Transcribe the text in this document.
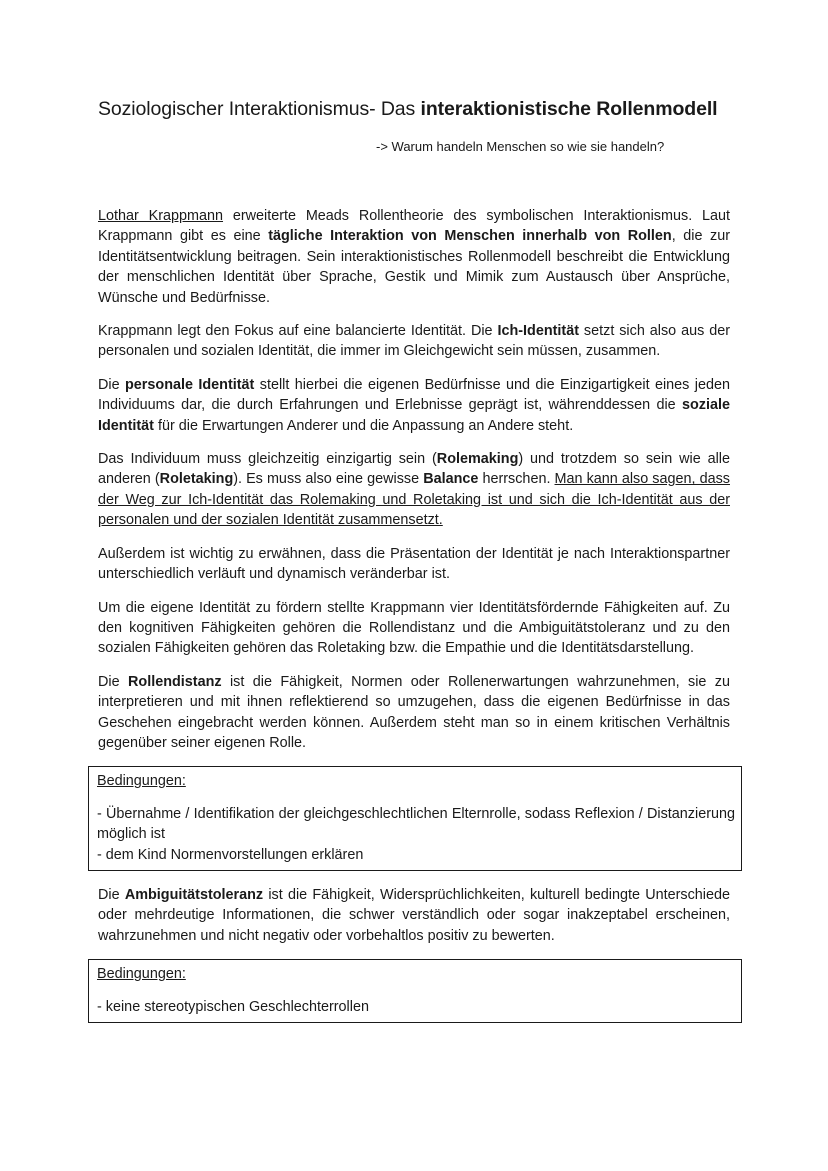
Soziologischer Interaktionismus- Das interaktionistische Rollenmodell
-> Warum handeln Menschen so wie sie handeln?

Lothar Krappmann erweiterte Meads Rollentheorie des symbolischen Interaktionismus. Laut Krappmann gibt es eine tägliche Interaktion von Menschen innerhalb von Rollen, die zur Identitätsentwicklung beitragen. Sein interaktionistisches Rollenmodell beschreibt die Entwicklung der menschlichen Identität über Sprache, Gestik und Mimik zum Austausch über Ansprüche, Wünsche und Bedürfnisse.

Krappmann legt den Fokus auf eine balancierte Identität. Die Ich-Identität setzt sich also aus der personalen und sozialen Identität, die immer im Gleichgewicht sein müssen, zusammen.

Die personale Identität stellt hierbei die eigenen Bedürfnisse und die Einzigartigkeit eines jeden Individuums dar, die durch Erfahrungen und Erlebnisse geprägt ist, währenddessen die soziale Identität für die Erwartungen Anderer und die Anpassung an Andere steht.

Das Individuum muss gleichzeitig einzigartig sein (Rolemaking) und trotzdem so sein wie alle anderen (Roletaking). Es muss also eine gewisse Balance herrschen. Man kann also sagen, dass der Weg zur Ich-Identität das Rolemaking und Roletaking ist und sich die Ich-Identität aus der personalen und der sozialen Identität zusammensetzt.

Außerdem ist wichtig zu erwähnen, dass die Präsentation der Identität je nach Interaktionspartner unterschiedlich verläuft und dynamisch veränderbar ist.

Um die eigene Identität zu fördern stellte Krappmann vier Identitätsfördernde Fähigkeiten auf. Zu den kognitiven Fähigkeiten gehören die Rollendistanz und die Ambiguitätstoleranz und zu den sozialen Fähigkeiten gehören das Roletaking bzw. die Empathie und die Identitätsdarstellung.

Die Rollendistanz ist die Fähigkeit, Normen oder Rollenerwartungen wahrzunehmen, sie zu interpretieren und mit ihnen reflektierend so umzugehen, dass die eigenen Bedürfnisse in das Geschehen eingebracht werden können. Außerdem steht man so in einem kritischen Verhältnis gegenüber seiner eigenen Rolle.

Bedingungen:

- Übernahme / Identifikation der gleichgeschlechtlichen Elternrolle, sodass Reflexion / Distanzierung möglich ist

- dem Kind Normenvorstellungen erklären

Die Ambiguitätstoleranz ist die Fähigkeit, Widersprüchlichkeiten, kulturell bedingte Unterschiede oder mehrdeutige Informationen, die schwer verständlich oder sogar inakzeptabel erscheinen, wahrzunehmen und nicht negativ oder vorbehaltlos positiv zu bewerten.

Bedingungen:

- keine stereotypischen Geschlechterrollen
